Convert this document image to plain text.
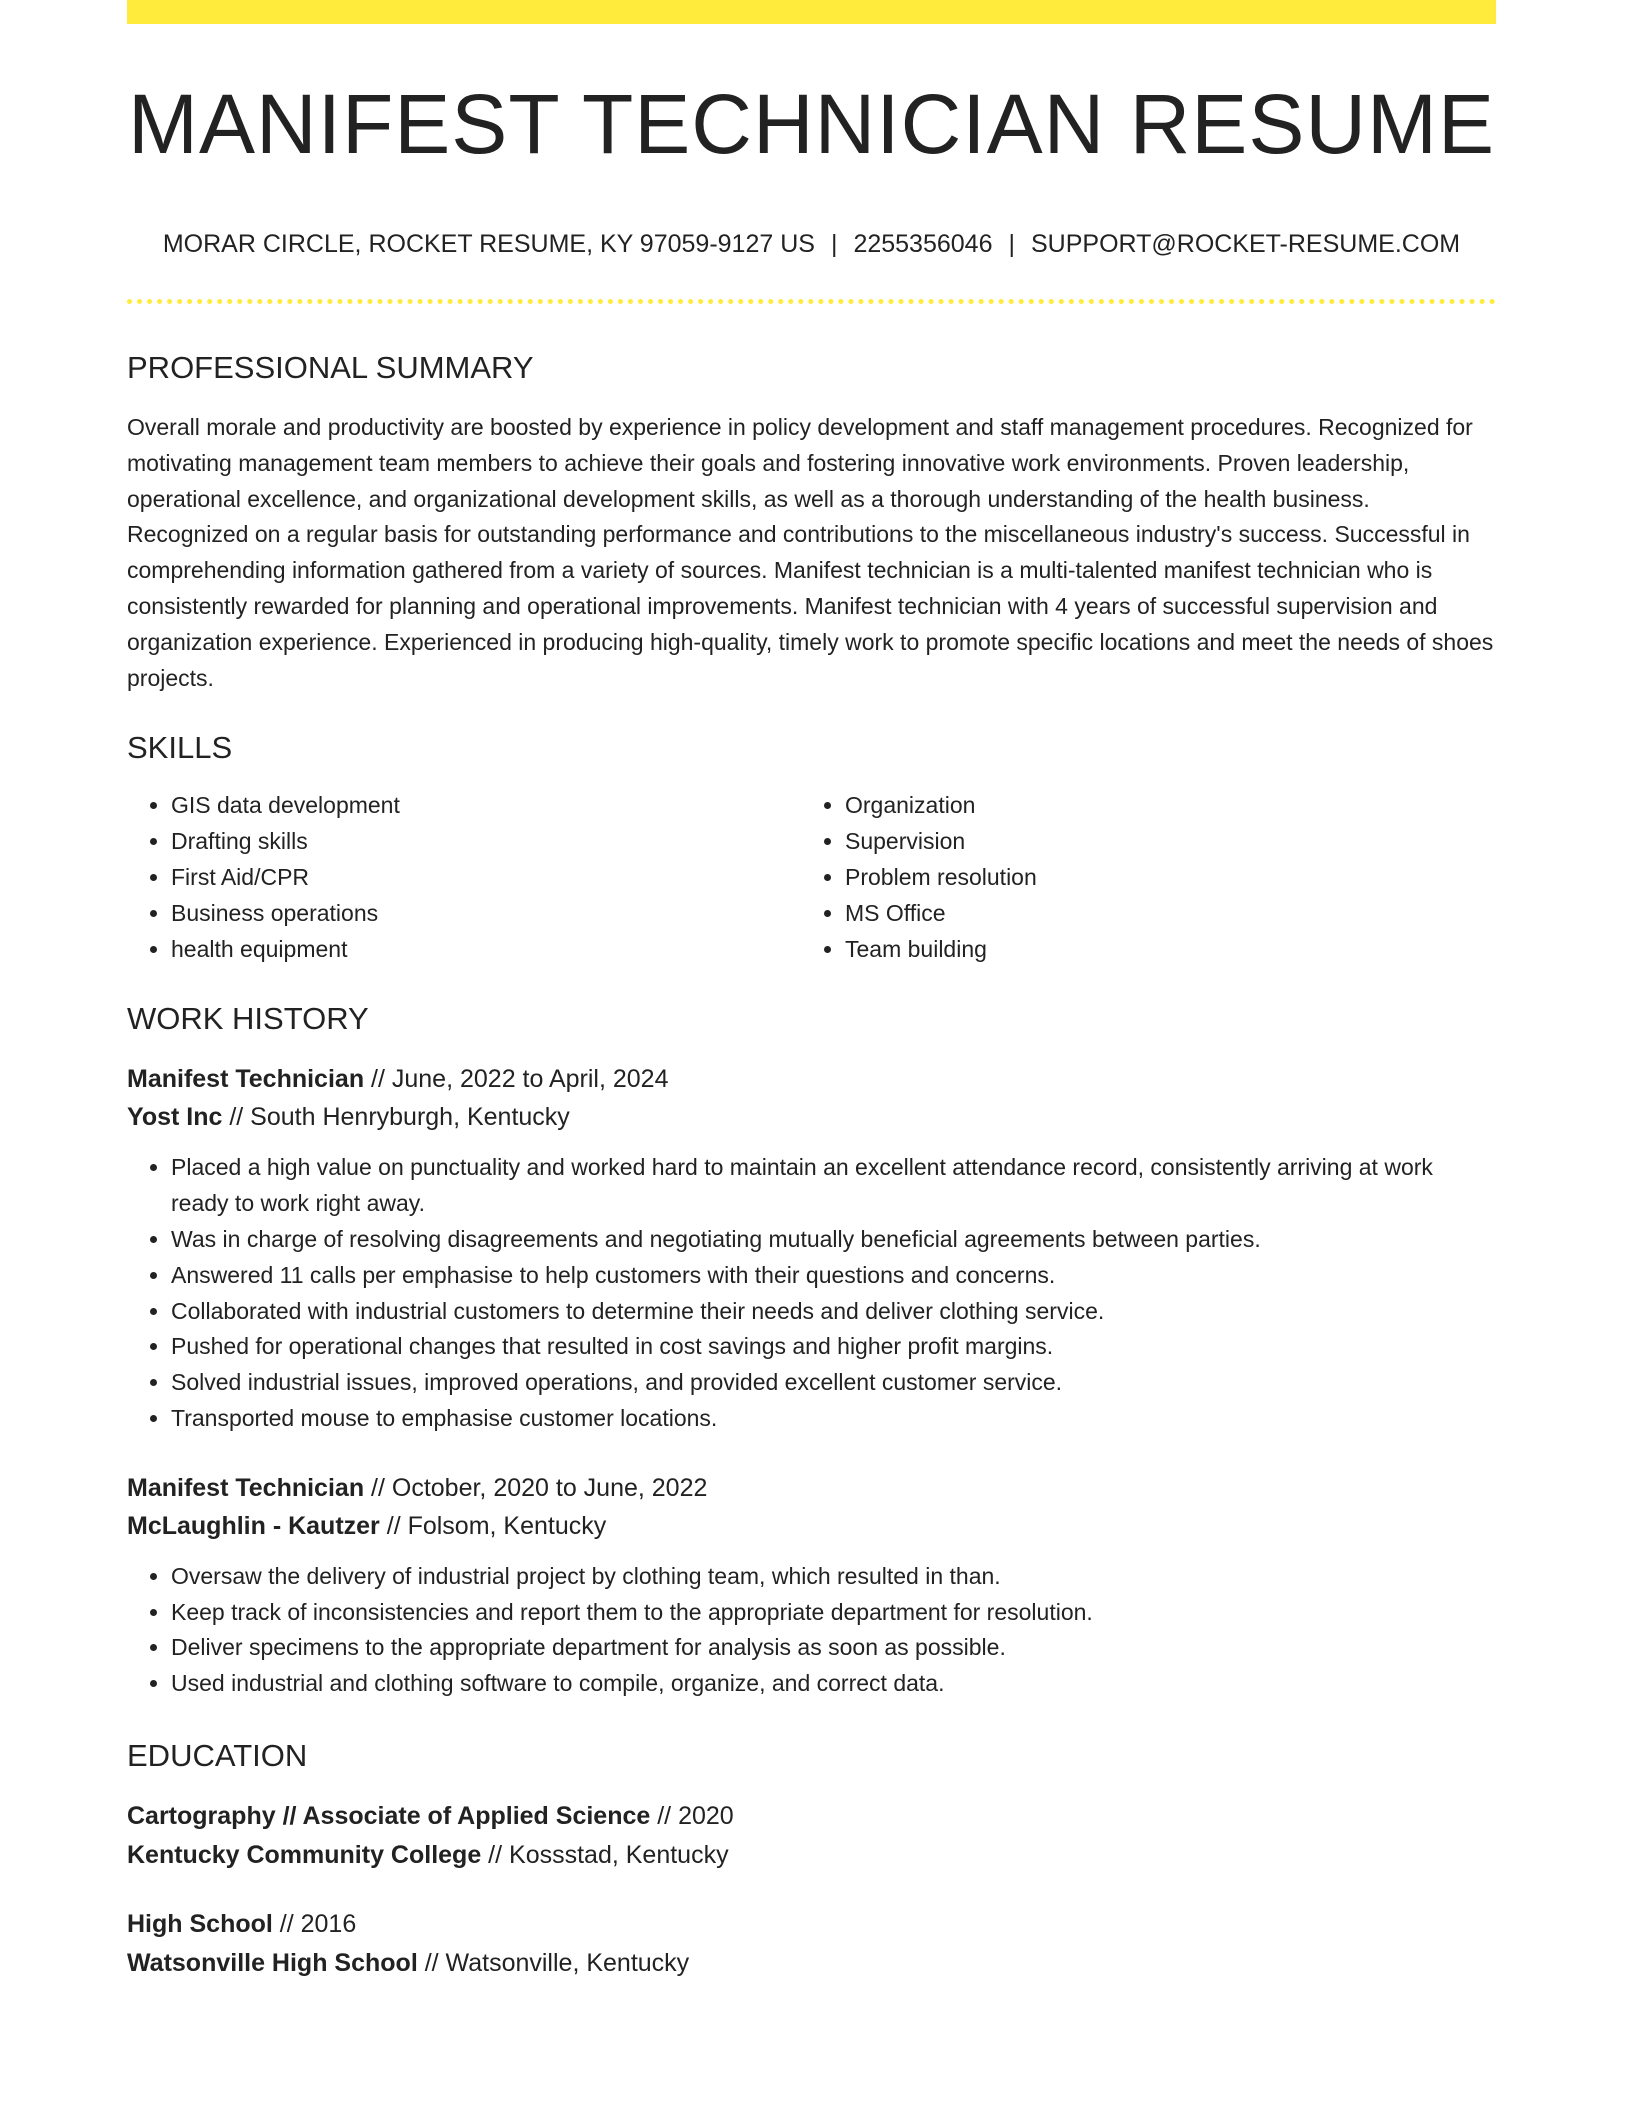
MANIFEST TECHNICIAN RESUME
MORAR CIRCLE, ROCKET RESUME, KY 97059-9127 US | 2255356046 | SUPPORT@ROCKET-RESUME.COM
PROFESSIONAL SUMMARY
Overall morale and productivity are boosted by experience in policy development and staff management procedures. Recognized for motivating management team members to achieve their goals and fostering innovative work environments. Proven leadership, operational excellence, and organizational development skills, as well as a thorough understanding of the health business. Recognized on a regular basis for outstanding performance and contributions to the miscellaneous industry's success. Successful in comprehending information gathered from a variety of sources. Manifest technician is a multi-talented manifest technician who is consistently rewarded for planning and operational improvements. Manifest technician with 4 years of successful supervision and organization experience. Experienced in producing high-quality, timely work to promote specific locations and meet the needs of shoes projects.
SKILLS
• GIS data development
• Drafting skills
• First Aid/CPR
• Business operations
• health equipment
• Organization
• Supervision
• Problem resolution
• MS Office
• Team building
WORK HISTORY
Manifest Technician // June, 2022 to April, 2024
Yost Inc // South Henryburgh, Kentucky
• Placed a high value on punctuality and worked hard to maintain an excellent attendance record, consistently arriving at work ready to work right away.
• Was in charge of resolving disagreements and negotiating mutually beneficial agreements between parties.
• Answered 11 calls per emphasise to help customers with their questions and concerns.
• Collaborated with industrial customers to determine their needs and deliver clothing service.
• Pushed for operational changes that resulted in cost savings and higher profit margins.
• Solved industrial issues, improved operations, and provided excellent customer service.
• Transported mouse to emphasise customer locations.
Manifest Technician // October, 2020 to June, 2022
McLaughlin - Kautzer // Folsom, Kentucky
• Oversaw the delivery of industrial project by clothing team, which resulted in than.
• Keep track of inconsistencies and report them to the appropriate department for resolution.
• Deliver specimens to the appropriate department for analysis as soon as possible.
• Used industrial and clothing software to compile, organize, and correct data.
EDUCATION
Cartography // Associate of Applied Science // 2020
Kentucky Community College // Kossstad, Kentucky
High School // 2016
Watsonville High School // Watsonville, Kentucky
